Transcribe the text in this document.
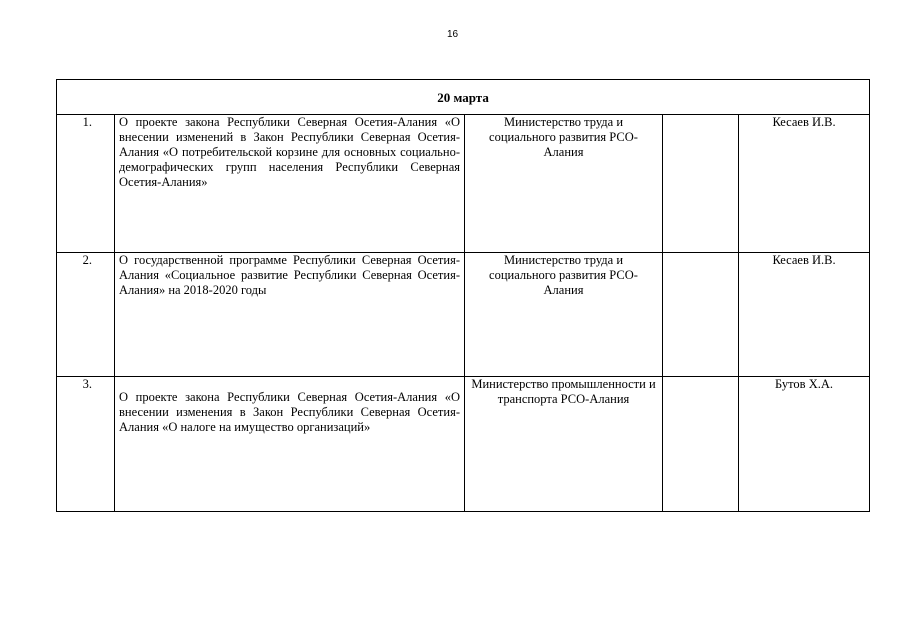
16
20 марта				
1.	О проекте закона Республики Северная Осетия-Алания «О внесении изменений в Закон Республики Северная Осетия-Алания «О потребительской корзине для основных социально-демографических групп населения Республики Северная Осетия-Алания»	Министерство труда и социального развития РСО-Алания		Кесаев И.В.
2.	О государственной программе Республики Северная Осетия-Алания «Социальное развитие Республики Северная Осетия-Алания» на 2018-2020 годы	Министерство труда и социального развития РСО-Алания		Кесаев И.В.
3.	О проекте закона Республики Северная Осетия-Алания «О внесении изменения в Закон Республики Северная Осетия-Алания «О налоге на имущество организаций»	Министерство промышленности и транспорта РСО-Алания		Бутов Х.А.
